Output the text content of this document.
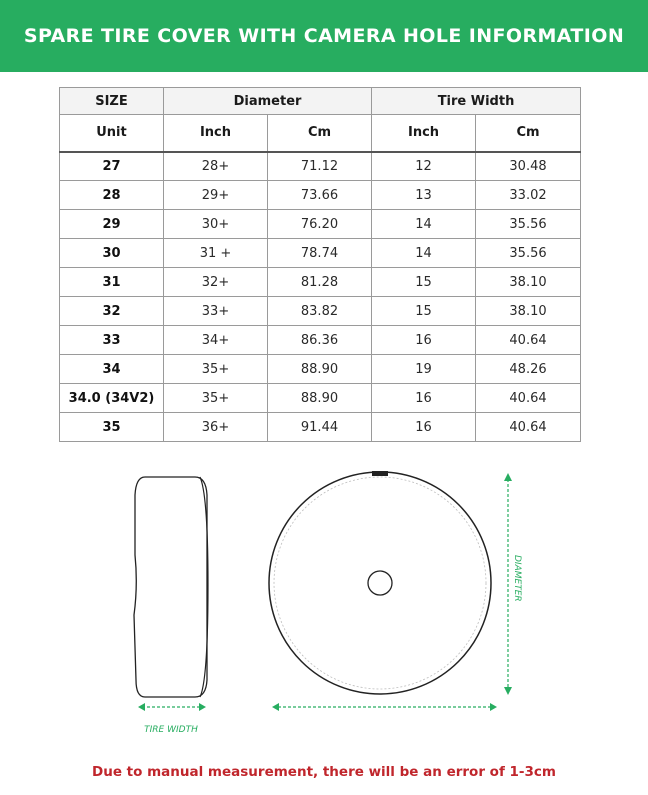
SPARE TIRE COVER WITH CAMERA HOLE INFORMATION
SIZE	Diameter		Tire Width	
Unit	Inch	Cm	Inch	Cm
27	28+	71.12	12	30.48
28	29+	73.66	13	33.02
29	30+	76.20	14	35.56
30	31 +	78.74	14	35.56
31	32+	81.28	15	38.10
32	33+	83.82	15	38.10
33	34+	86.36	16	40.64
34	35+	88.90	19	48.26
34.0 (34V2)	35+	88.90	16	40.64
35	36+	91.44	16	40.64
TIRE WIDTH
DIAMETER
Due to manual measurement, there will be an error of 1-3cm
